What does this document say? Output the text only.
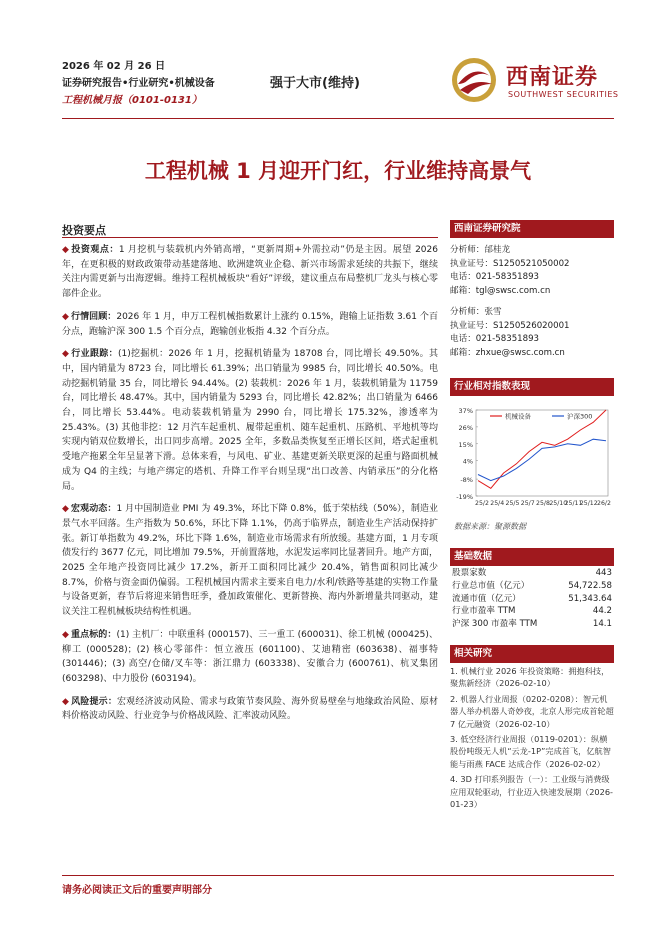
2026 年 02 月 26 日
证券研究报告•行业研究•机械设备
工程机械月报（0101-0131）
强于大市(维持)	西南证券
SOUTHWEST SECURITIES
工程机械 1 月迎开门红，行业维持高景气
投资要点
◆ 投资观点：1 月挖机与装载机内外销高增，“更新周期+外需拉动”仍是主因。展望 2026 年，在更积极的财政政策带动基建落地、欧洲建筑业企稳、新兴市场需求延续的共振下，继续关注内需更新与出海逻辑。维持工程机械板块“看好”评级，建议重点布局整机厂龙头与核心零部件企业。
◆ 行情回顾：2026 年 1 月，申万工程机械指数累计上涨约 0.15%，跑输上证指数 3.61 个百分点，跑输沪深 300 1.5 个百分点，跑输创业板指 4.32 个百分点。
◆ 行业跟踪：(1)挖掘机：2026 年 1 月，挖掘机销量为 18708 台，同比增长 49.50%。其中，国内销量为 8723 台，同比增长 61.39%；出口销量为 9985 台，同比增长 40.50%。电动挖掘机销量 35 台，同比增长 94.44%。(2) 装载机：2026 年 1 月，装载机销量为 11759 台，同比增长 48.47%。其中，国内销量为 5293 台，同比增长 42.82%；出口销量为 6466 台，同比增长 53.44%。电动装载机销量为 2990 台，同比增长 175.32%，渗透率为 25.43%。(3) 其他非挖：12 月汽车起重机、履带起重机、随车起重机、压路机、平地机等均实现内销双位数增长，出口同步高增。2025 全年，多数品类恢复至正增长区间，塔式起重机受地产拖累全年呈显著下滑。总体来看，与风电、矿业、基建更新关联更深的起重与路面机械成为 Q4 的主线；与地产绑定的塔机、升降工作平台则呈现“出口改善、内销承压”的分化格局。
◆ 宏观动态：1 月中国制造业 PMI 为 49.3%，环比下降 0.8%，低于荣枯线（50%），制造业景气水平回落。生产指数为 50.6%，环比下降 1.1%，仍高于临界点，制造业生产活动保持扩张。新订单指数为 49.2%，环比下降 1.6%，制造业市场需求有所放缓。基建方面，1 月专项债发行约 3677 亿元，同比增加 79.5%，开前置落地，水泥发运率同比显著回升。地产方面，2025 全年地产投资同比减少 17.2%，新开工面积同比减少 20.4%，销售面积同比减少 8.7%，价格与资金面仍偏弱。工程机械国内需求主要来自电力/水利/铁路等基建的实物工作量与设备更新，春节后将迎来销售旺季，叠加政策催化、更新替换、海内外新增量共同驱动，建议关注工程机械板块结构性机遇。
◆ 重点标的：(1) 主机厂：中联重科 (000157)、三一重工 (600031)、徐工机械 (000425)、柳工 (000528)；(2) 核心零部件：恒立液压 (601100)、艾迪精密 (603638)、福事特 (301446)；(3) 高空/仓储/叉车等：浙江鼎力 (603338)、安徽合力 (600761)、杭叉集团 (603298)、中力股份 (603194)。
◆ 风险提示：宏观经济波动风险、需求与政策节奏风险、海外贸易壁垒与地缘政治风险、原材料价格波动风险、行业竞争与价格战风险、汇率波动风险。
西南证券研究院
分析师：邰桂龙
执业证号：S1250521050002
电话：021-58351893
邮箱：tgl@swsc.com.cn
分析师：张雪
执业证号：S1250526020001
电话：021-58351893
邮箱：zhxue@swsc.com.cn
行业相对指数表现
37%
26%
15%
4%
-8%
-19%
25/2 25/4 25/5 25/7 25/8 25/10
25/11
25/12 26/2
机械设备	沪深300
数据来源：聚源数据
基础数据
股票家数	443
行业总市值（亿元）	54,722.58
流通市值（亿元）	51,343.64
行业市盈率 TTM	44.2
沪深 300 市盈率 TTM	14.1
相关研究
1. 机械行业 2026 年投资策略：拥抱科技，聚焦新经济（2026-02-10）
2. 机器人行业周报（0202-0208）：智元机器人举办机器人奇妙夜，北京人形完成首轮超 7 亿元融资（2026-02-10）
3. 低空经济行业周报（0119-0201）：纵横股份吨级无人机“云龙-1P”完成首飞，亿航智能与雨燕 FACE 达成合作（2026-02-02）
4. 3D 打印系列报告（一）：工业级与消费级应用双轮驱动，行业迈入快速发展期（2026-01-23）
请务必阅读正文后的重要声明部分
